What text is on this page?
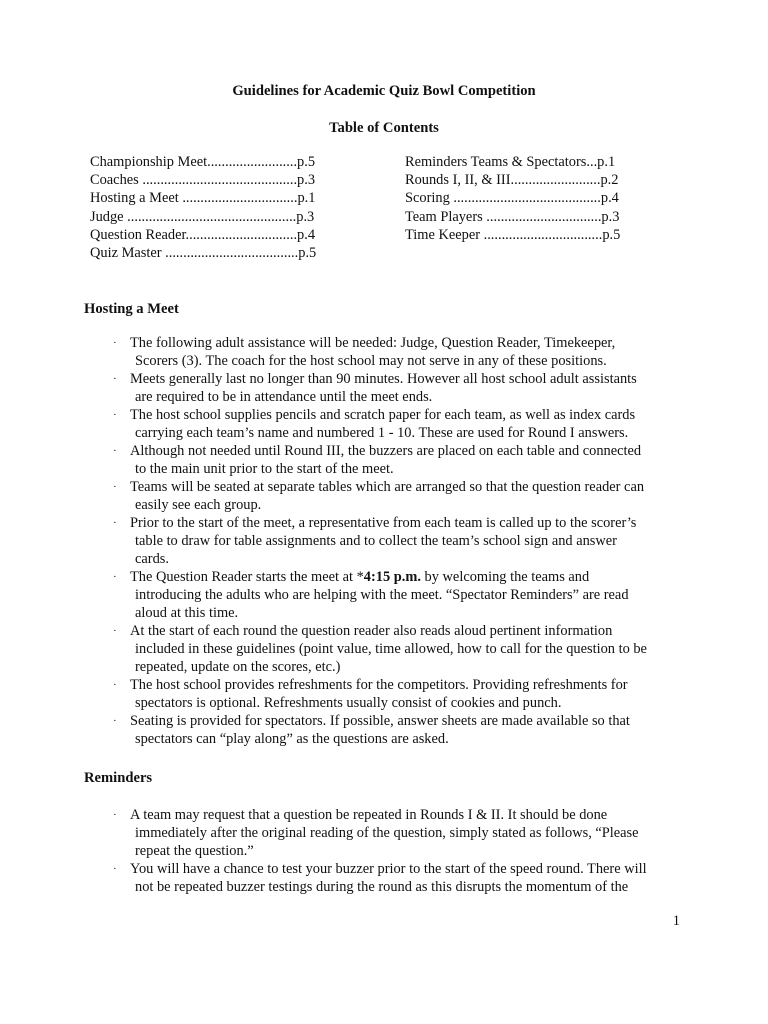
Guidelines for Academic Quiz Bowl Competition
Table of Contents
Championship Meet.........................p.5
Coaches ...........................................p.3
Hosting a Meet ................................p.1
Judge ...............................................p.3
Question Reader...............................p.4
Quiz Master .....................................p.5
Reminders Teams & Spectators...p.1
Rounds I, II, & III.........................p.2
Scoring .........................................p.4
Team Players ................................p.3
Time Keeper .................................p.5
Hosting a Meet
· The following adult assistance will be needed: Judge, Question Reader, Timekeeper,
Scorers (3). The coach for the host school may not serve in any of these positions.
· Meets generally last no longer than 90 minutes. However all host school adult assistants
are required to be in attendance until the meet ends.
· The host school supplies pencils and scratch paper for each team, as well as index cards
carrying each team’s name and numbered 1 - 10. These are used for Round I answers.
· Although not needed until Round III, the buzzers are placed on each table and connected
to the main unit prior to the start of the meet.
· Teams will be seated at separate tables which are arranged so that the question reader can
easily see each group.
· Prior to the start of the meet, a representative from each team is called up to the scorer’s
table to draw for table assignments and to collect the team’s school sign and answer
cards.
· The Question Reader starts the meet at *4:15 p.m. by welcoming the teams and
introducing the adults who are helping with the meet. “Spectator Reminders” are read
aloud at this time.
· At the start of each round the question reader also reads aloud pertinent information
included in these guidelines (point value, time allowed, how to call for the question to be
repeated, update on the scores, etc.)
· The host school provides refreshments for the competitors. Providing refreshments for
spectators is optional. Refreshments usually consist of cookies and punch.
· Seating is provided for spectators. If possible, answer sheets are made available so that
spectators can “play along” as the questions are asked.
Reminders
· A team may request that a question be repeated in Rounds I & II. It should be done
immediately after the original reading of the question, simply stated as follows, “Please
repeat the question.”
· You will have a chance to test your buzzer prior to the start of the speed round. There will
not be repeated buzzer testings during the round as this disrupts the momentum of the
1
